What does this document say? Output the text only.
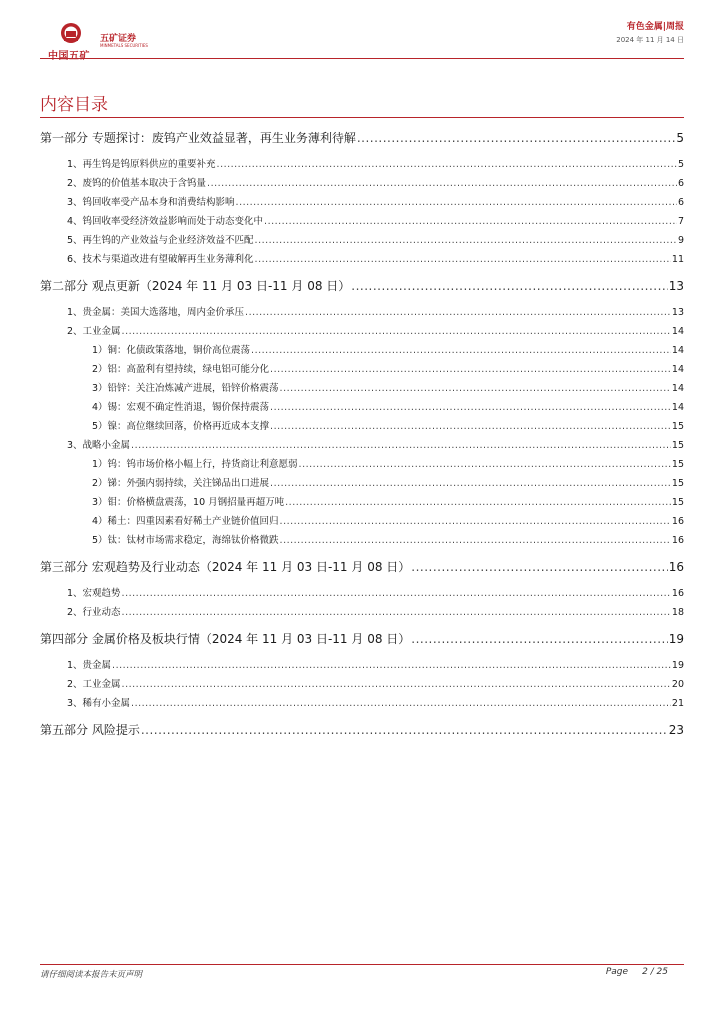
中国五矿
五矿证券
MINMETALS SECURITIES
有色金属|周报
2024 年 11 月 14 日
内容目录
第一部分 专题探讨：废钨产业效益显著，再生业务薄利待解 .....	5
1、再生钨是钨原料供应的重要补充 .....	5
2、废钨的价值基本取决于含钨量 .....	6
3、钨回收率受产品本身和消费结构影响 .....	6
4、钨回收率受经济效益影响而处于动态变化中 .....	7
5、再生钨的产业效益与企业经济效益不匹配 .....	9
6、技术与渠道改进有望破解再生业务薄利化 .....	11
第二部分 观点更新（2024 年 11 月 03 日-11 月 08 日） .....	13
1、贵金属：美国大选落地，周内金价承压 .....	13
2、工业金属 .....	14
1）铜：化债政策落地，铜价高位震荡 .....	14
2）铝：高盈利有望持续，绿电铝可能分化 .....	14
3）铅锌：关注冶炼减产进展，铅锌价格震荡 .....	14
4）锡：宏观不确定性消退，锡价保持震荡 .....	14
5）镍：高位继续回落，价格再近成本支撑 .....	15
3、战略小金属 .....	15
1）钨：钨市场价格小幅上行，持货商让利意愿弱 .....	15
2）锑：外强内弱持续，关注锑品出口进展 .....	15
3）钼：价格横盘震荡，10 月钢招量再超万吨 .....	15
4）稀土：四重因素看好稀土产业链价值回归 .....	16
5）钛：钛材市场需求稳定，海绵钛价格微跌 .....	16
第三部分 宏观趋势及行业动态（2024 年 11 月 03 日-11 月 08 日） .....	16
1、宏观趋势 .....	16
2、行业动态 .....	18
第四部分 金属价格及板块行情（2024 年 11 月 03 日-11 月 08 日） .....	19
1、贵金属 .....	19
2、工业金属 .....	20
3、稀有小金属 .....	21
第五部分 风险提示 .....	23
请仔细阅读本报告末页声明	Page 2 / 25
